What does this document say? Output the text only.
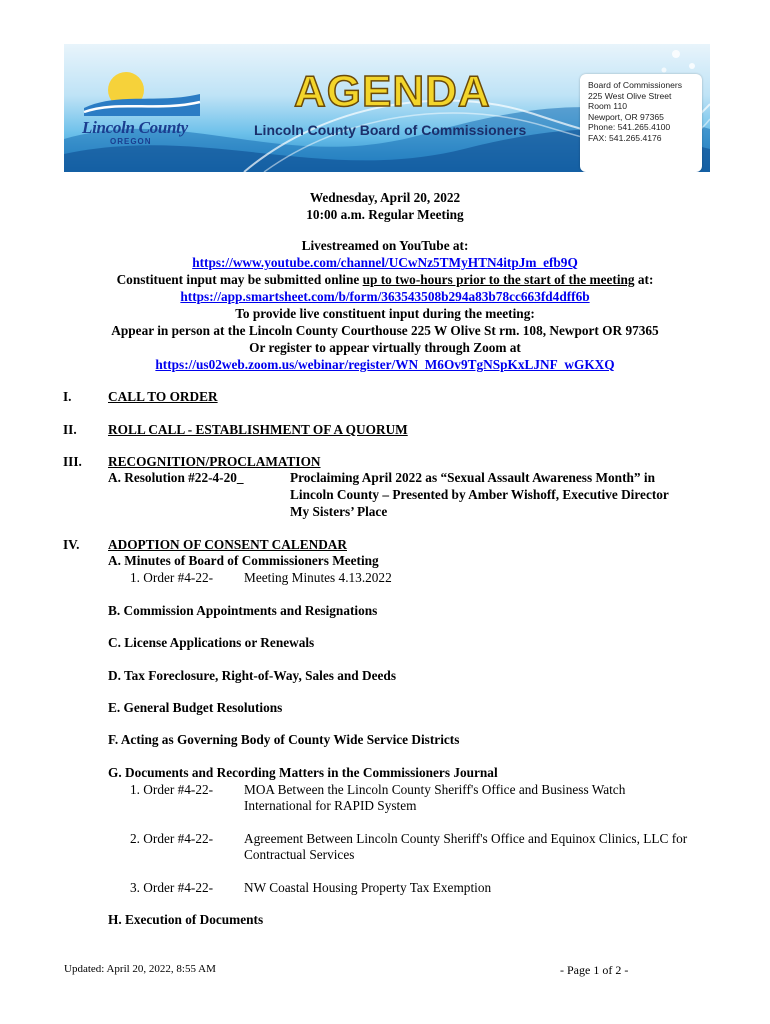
Lincoln County
OREGON
AGENDA
Lincoln County Board of Commissioners
Board of Commissioners
225 West Olive Street
Room 110
Newport, OR 97365
Phone: 541.265.4100
FAX: 541.265.4176
Wednesday, April 20, 2022
10:00 a.m. Regular Meeting
Livestreamed on YouTube at:
https://www.youtube.com/channel/UCwNz5TMyHTN4itpJm_efb9Q
Constituent input may be submitted online up to two-hours prior to the start of the meeting at:
https://app.smartsheet.com/b/form/363543508b294a83b78cc663fd4dff6b
To provide live constituent input during the meeting:
Appear in person at the Lincoln County Courthouse 225 W Olive St rm. 108, Newport OR 97365
Or register to appear virtually through Zoom at
https://us02web.zoom.us/webinar/register/WN_M6Ov9TgNSpKxLJNF_wGKXQ
I.	CALL TO ORDER
II. ROLL CALL - ESTABLISHMENT OF A QUORUM
III. RECOGNITION/PROCLAMATION
A. Resolution #22-4-20_	Proclaiming April 2022 as “Sexual Assault Awareness Month” in
Lincoln County – Presented by Amber Wishoff, Executive Director
My Sisters’ Place
IV. ADOPTION OF CONSENT CALENDAR
A. Minutes of Board of Commissioners Meeting
1. Order #4-22- Meeting Minutes 4.13.2022
B. Commission Appointments and Resignations
C. License Applications or Renewals
D. Tax Foreclosure, Right-of-Way, Sales and Deeds
E. General Budget Resolutions
F. Acting as Governing Body of County Wide Service Districts
G. Documents and Recording Matters in the Commissioners Journal
1. Order #4-22- MOA Between the Lincoln County Sheriff's Office and Business Watch
International for RAPID System
2. Order #4-22- Agreement Between Lincoln County Sheriff's Office and Equinox Clinics, LLC for
Contractual Services
3. Order #4-22- NW Coastal Housing Property Tax Exemption
H. Execution of Documents
Updated: April 20, 2022, 8:55 AM	- Page 1 of 2 -
